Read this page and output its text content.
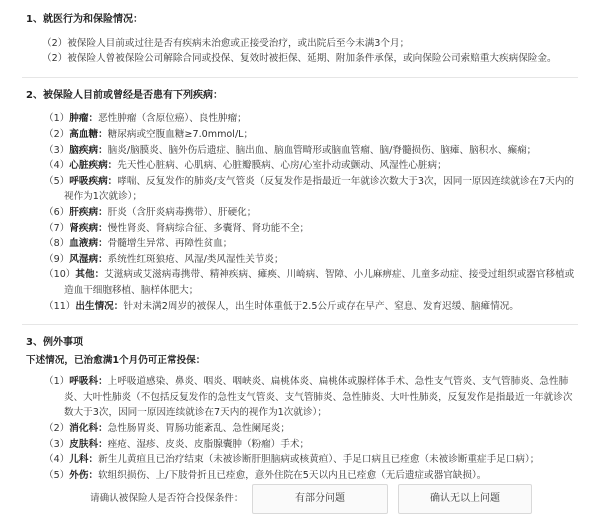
1、就医行为和保险情况：
（2）被保险人目前或过往是否有疾病未治愈或正接受治疗，或出院后至今未满3个月；
（2）被保险人曾被保险公司解除合同或投保、复效时被拒保、延期、附加条件承保，或向保险公司索赔重大疾病保险金。
2、被保险人目前或曾经是否患有下列疾病：
（1）肿瘤：恶性肿瘤（含原位癌）、良性肿瘤；
（2）高血糖：糖尿病或空腹血糖≥7.0mmol/L；
（3）脑疾病：脑炎/脑膜炎、脑外伤后遗症、脑出血、脑血管畸形或脑血管瘤、脑/脊髓损伤、脑瘫、脑积水、癫痫；
（4）心脏疾病：先天性心脏病、心肌病、心脏瓣膜病、心房/心室扑动或颤动、风湿性心脏病；
（5）呼吸疾病：哮喘、反复发作的肺炎/支气管炎（反复发作是指最近一年就诊次数大于3次，因同一原因连续就诊在7天内的视作为1次就诊）；
（6）肝疾病：肝炎（含肝炎病毒携带）、肝硬化；
（7）肾疾病：慢性肾炎、肾病综合征、多囊肾、肾功能不全；
（8）血液病：骨髓增生异常、再障性贫血；
（9）风湿病：系统性红斑狼疮、风湿/类风湿性关节炎；
（10）其他：艾滋病或艾滋病毒携带、精神疾病、瘫痪、川崎病、智障、小儿麻痹症、儿童多动症、接受过组织或器官移植或造血干细胞移植、脑样体肥大；
（11）出生情况：针对未满2周岁的被保人，出生时体重低于2.5公斤或存在早产、窒息、发育迟缓、脑瘫情况。
3、例外事项
下述情况，已治愈满1个月仍可正常投保：
（1）呼吸科：上呼吸道感染、鼻炎、咽炎、咽峡炎、扁桃体炎、扁桃体或腺样体手术、急性支气管炎、支气管肺炎、急性肺炎、大叶性肺炎（不包括反复发作的急性支气管炎、支气管肺炎、急性肺炎、大叶性肺炎，反复发作是指最近一年就诊次数大于3次，因同一原因连续就诊在7天内的视作为1次就诊）；
（2）消化科：急性肠胃炎、胃肠功能紊乱、急性阑尾炎；
（3）皮肤科：痤疮、湿疹、皮炎、皮脂腺囊肿（粉瘤）手术；
（4）儿科：新生儿黄疸且已治疗结束（未被诊断肝胆脑病或核黄疸）、手足口病且已痊愈（未被诊断重症手足口病）；
（5）外伤：软组织损伤、上/下肢骨折且已痊愈，意外住院在5天以内且已痊愈（无后遗症或器官缺损）。
请确认被保险人是否符合投保条件：	有部分问题	确认无以上问题
